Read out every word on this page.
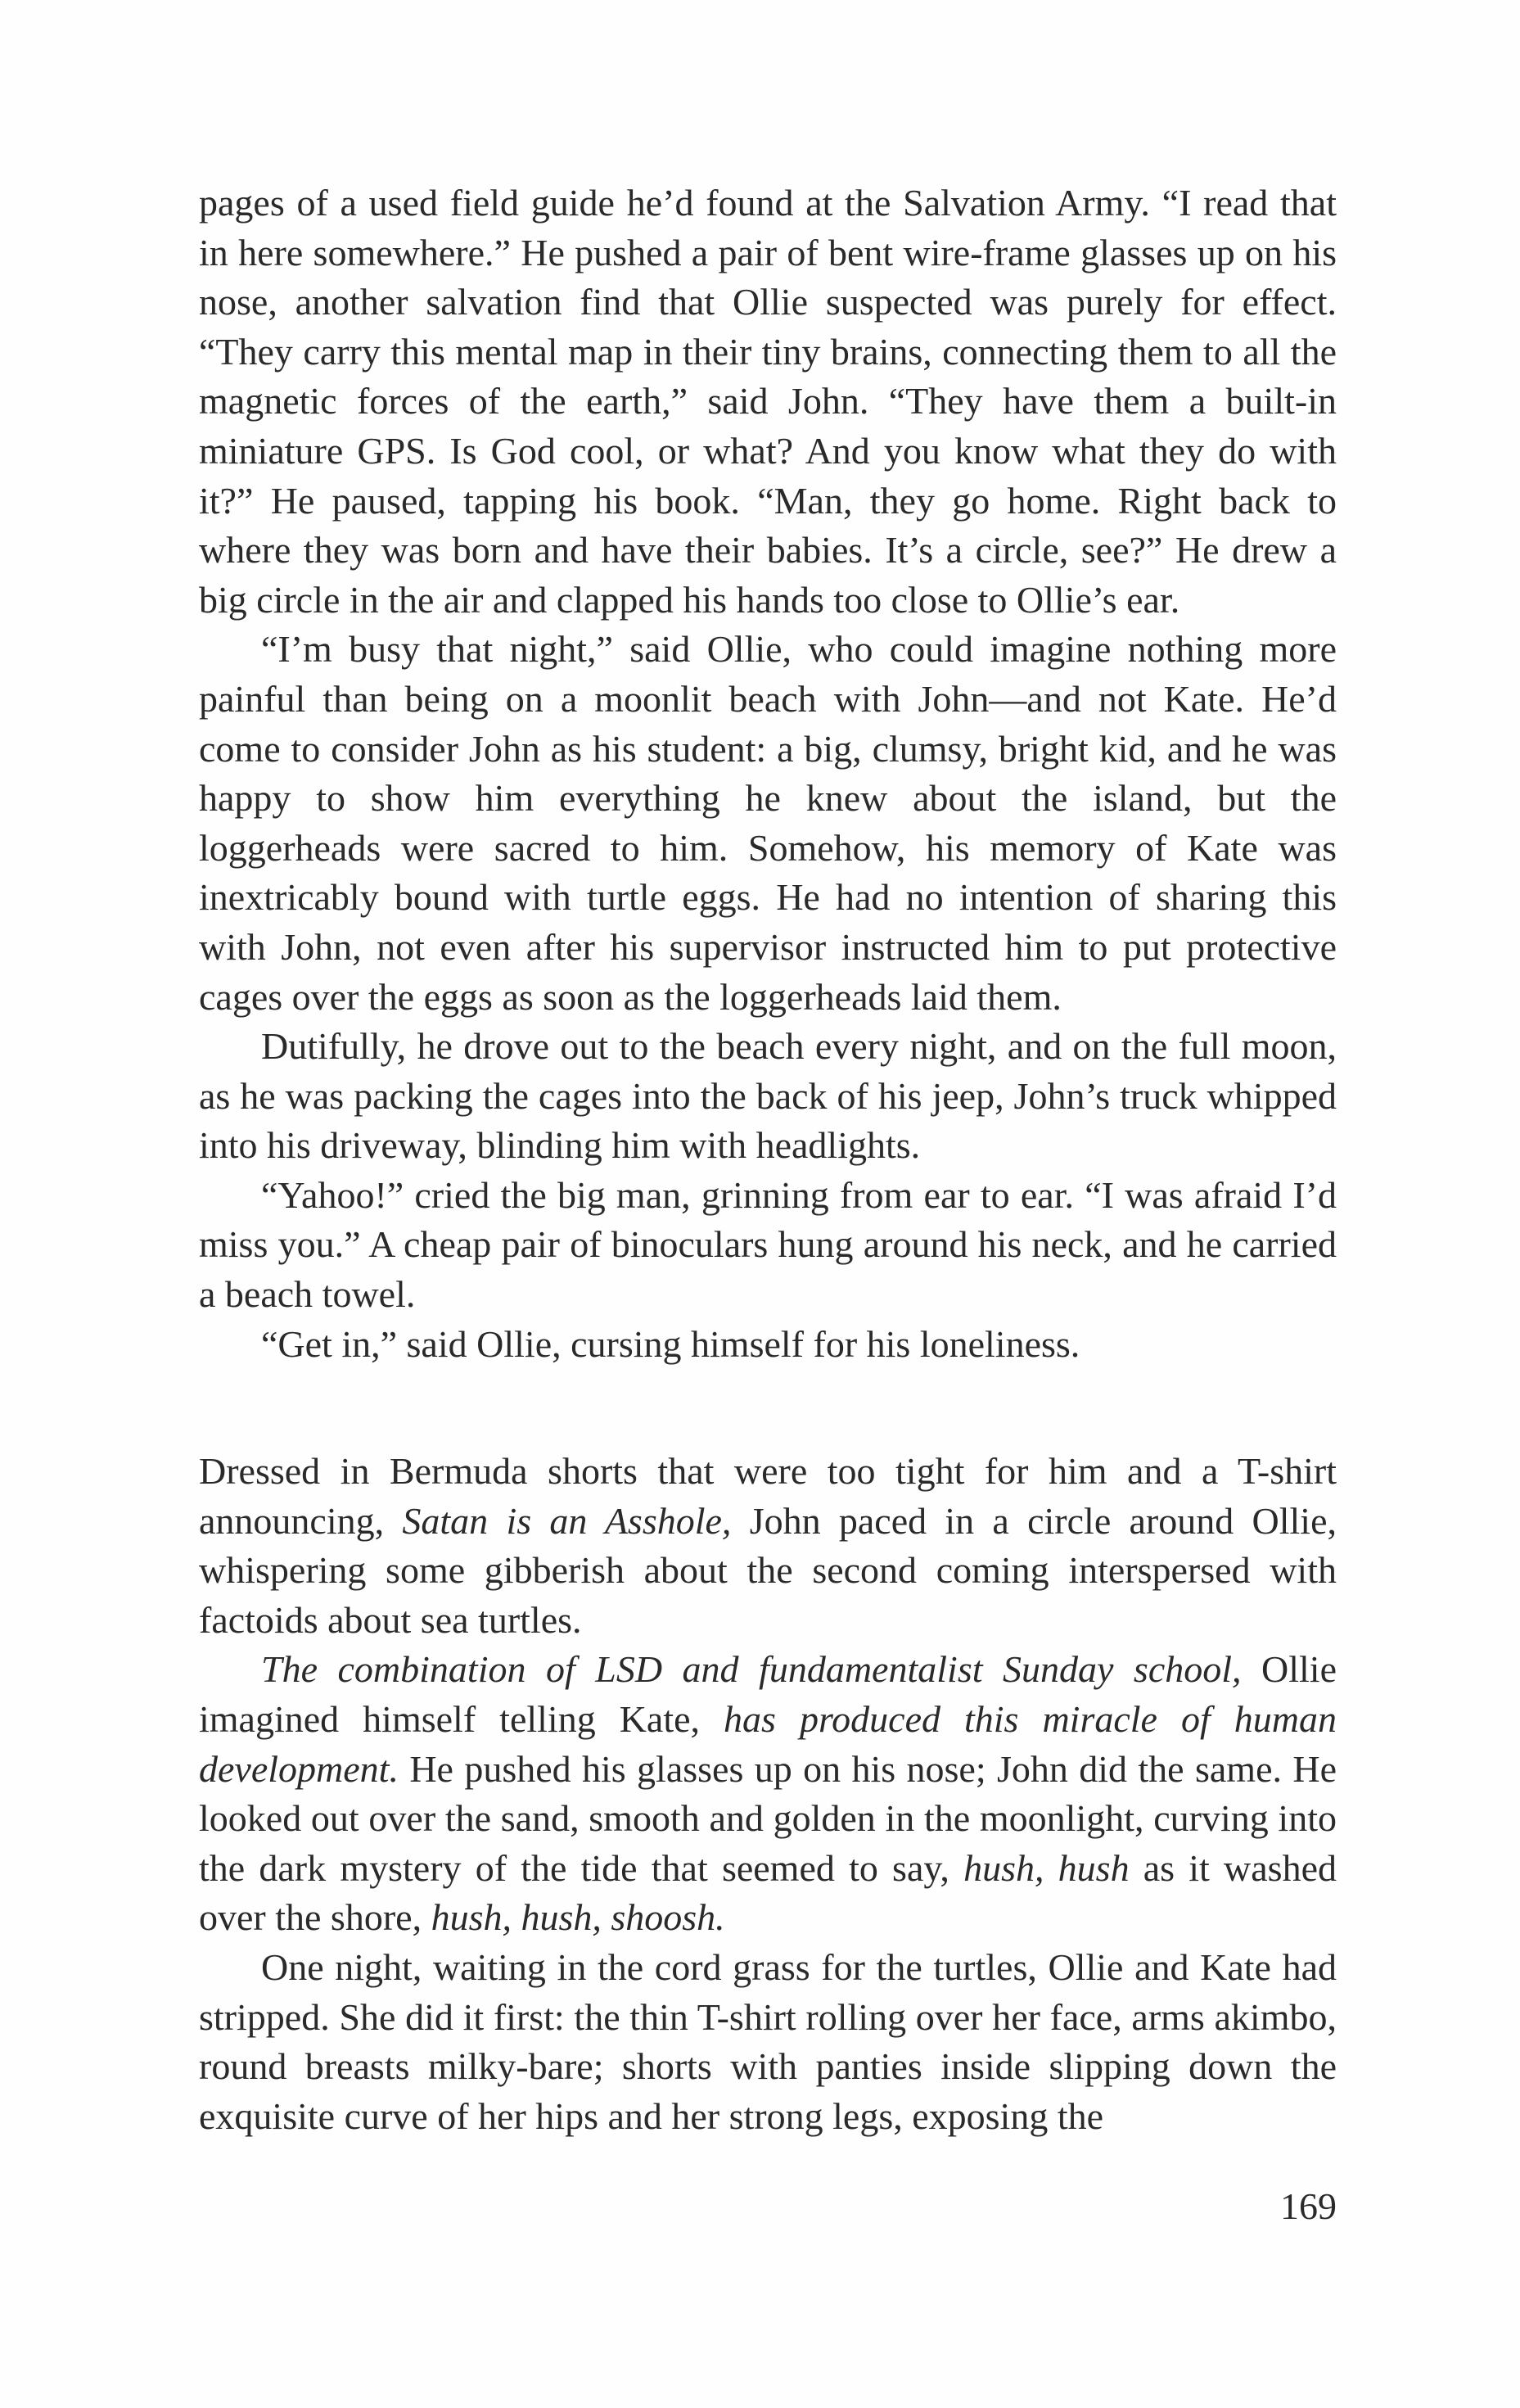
pages of a used field guide he’d found at the Salvation Army. “I read that in here somewhere.” He pushed a pair of bent wire-frame glasses up on his nose, another salvation find that Ollie suspected was purely for effect. “They carry this mental map in their tiny brains, connecting them to all the magnetic forces of the earth,” said John. “They have them a built-in miniature GPS. Is God cool, or what? And you know what they do with it?” He paused, tapping his book. “Man, they go home. Right back to where they was born and have their babies. It’s a circle, see?” He drew a big circle in the air and clapped his hands too close to Ollie’s ear.

“I’m busy that night,” said Ollie, who could imagine nothing more painful than being on a moonlit beach with John—and not Kate. He’d come to consider John as his student: a big, clumsy, bright kid, and he was happy to show him everything he knew about the island, but the loggerheads were sacred to him. Somehow, his memory of Kate was inextricably bound with turtle eggs. He had no intention of sharing this with John, not even after his supervisor instructed him to put protective cages over the eggs as soon as the loggerheads laid them.

Dutifully, he drove out to the beach every night, and on the full moon, as he was packing the cages into the back of his jeep, John’s truck whipped into his driveway, blinding him with headlights.

“Yahoo!” cried the big man, grinning from ear to ear. “I was afraid I’d miss you.” A cheap pair of binoculars hung around his neck, and he carried a beach towel.

“Get in,” said Ollie, cursing himself for his loneliness.

Dressed in Bermuda shorts that were too tight for him and a T-shirt announcing, Satan is an Asshole, John paced in a circle around Ollie, whispering some gibberish about the second coming interspersed with factoids about sea turtles.

The combination of LSD and fundamentalist Sunday school, Ollie imagined himself telling Kate, has produced this miracle of human development. He pushed his glasses up on his nose; John did the same. He looked out over the sand, smooth and golden in the moonlight, curving into the dark mystery of the tide that seemed to say, hush, hush as it washed over the shore, hush, hush, shoosh.

One night, waiting in the cord grass for the turtles, Ollie and Kate had stripped. She did it first: the thin T-shirt rolling over her face, arms akimbo, round breasts milky-bare; shorts with panties inside slipping down the exquisite curve of her hips and her strong legs, exposing the

169
